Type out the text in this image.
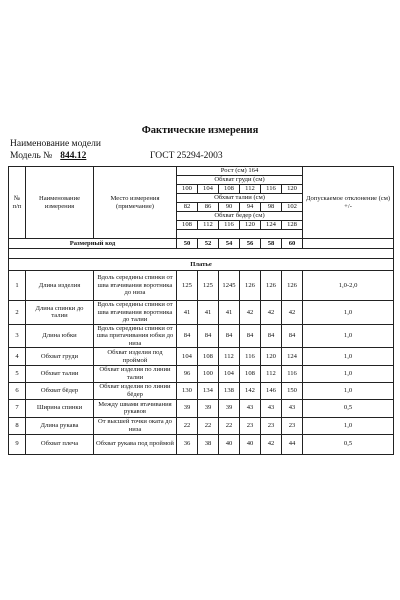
Фактические измерения
Наименование модели
Модель № 844.12	ГОСТ 25294-2003
№
п/п	Наименование измерения	Место измерения (примечание)	Рост (см) 164						Допускаемое отклонение (см) +/-
			Обхват груди (см)						
			100	104	108	112	116	120	
			Обхват талии (см)						
			82	86	90	94	98	102	
			Обхват бедер (см)						
			108	112	116	120	124	128	

Размерный код			50	52	54	56	58	60	

Платье									
1	Длина изделия	Вдоль середины спинки от шва втачивания воротника до низа	125	125	1245	126	126	126	1,0-2,0
2	Длина спинки до талии	Вдоль середины спинки от шва втачивания воротника до талии	41	41	41	42	42	42	1,0
3	Длина юбки	Вдоль середины спинки от шва притачивания юбки до низа	84	84	84	84	84	84	1,0
4	Обхват груди	Обхват изделия под проймой	104	108	112	116	120	124	1,0
5	Обхват талии	Обхват изделия по линии талии	96	100	104	108	112	116	1,0
6	Обхват бёдер	Обхват изделия по линии бёдер	130	134	138	142	146	150	1,0
7	Ширина спинки	Между швами втачивания рукавов	39	39	39	43	43	43	0,5
8	Длина рукава	От высшей точки оката до низа	22	22	22	23	23	23	1,0
9	Обхват плеча	Обхват рукава под проймой	36	38	40	40	42	44	0,5
